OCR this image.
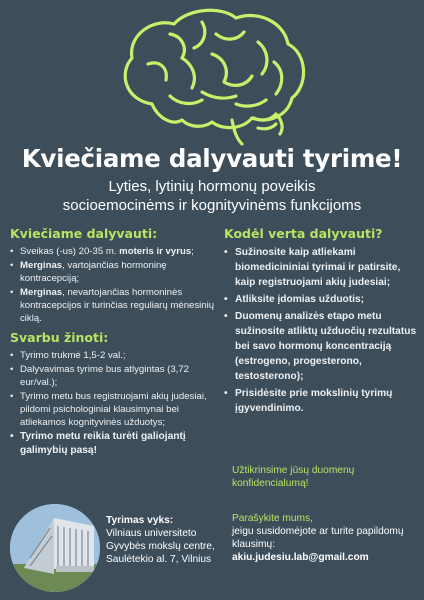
Kviečiame dalyvauti tyrime!
Lyties, lytinių hormonų poveikis
socioemocinėms ir kognityvinėms funkcijoms
Kviečiame dalyvauti:
• Sveikas (-us) 20-35 m. moteris ir vyrus;
• Merginas, vartojančias hormoninę kontracepciją;
• Merginas, nevartojančias hormoninės kontracepcijos ir turinčias reguliarų mėnesinių ciklą.
Svarbu žinoti:
• Tyrimo trukmė 1,5-2 val.;
• Dalyvavimas tyrime bus atlygintas (3,72 eur/val.);
• Tyrimo metu bus registruojami akių judesiai, pildomi psichologiniai klausimynai bei atliekamos kognityvinės užduotys;
• Tyrimo metu reikia turėti galiojantį galimybių pasą!
Kodėl verta dalyvauti?
• Sužinosite kaip atliekami biomedicininiai tyrimai ir patirsite, kaip registruojami akių judesiai;
• Atliksite įdomias užduotis;
• Duomenų analizės etapo metu sužinosite atliktų užduočių rezultatus bei savo hormonų koncentraciją (estrogeno, progesterono, testosterono);
• Prisidėsite prie mokslinių tyrimų įgyvendinimo.
Užtikrinsime jūsų duomenų konfidencialumą!
Tyrimas vyks:
Vilniaus universiteto Gyvybės mokslų centre, Saulėtekio al. 7, Vilnius
Parašykite mums,
jeigu susidomėjote ar turite papildomų klausimų:
akiu.judesiu.lab@gmail.com
